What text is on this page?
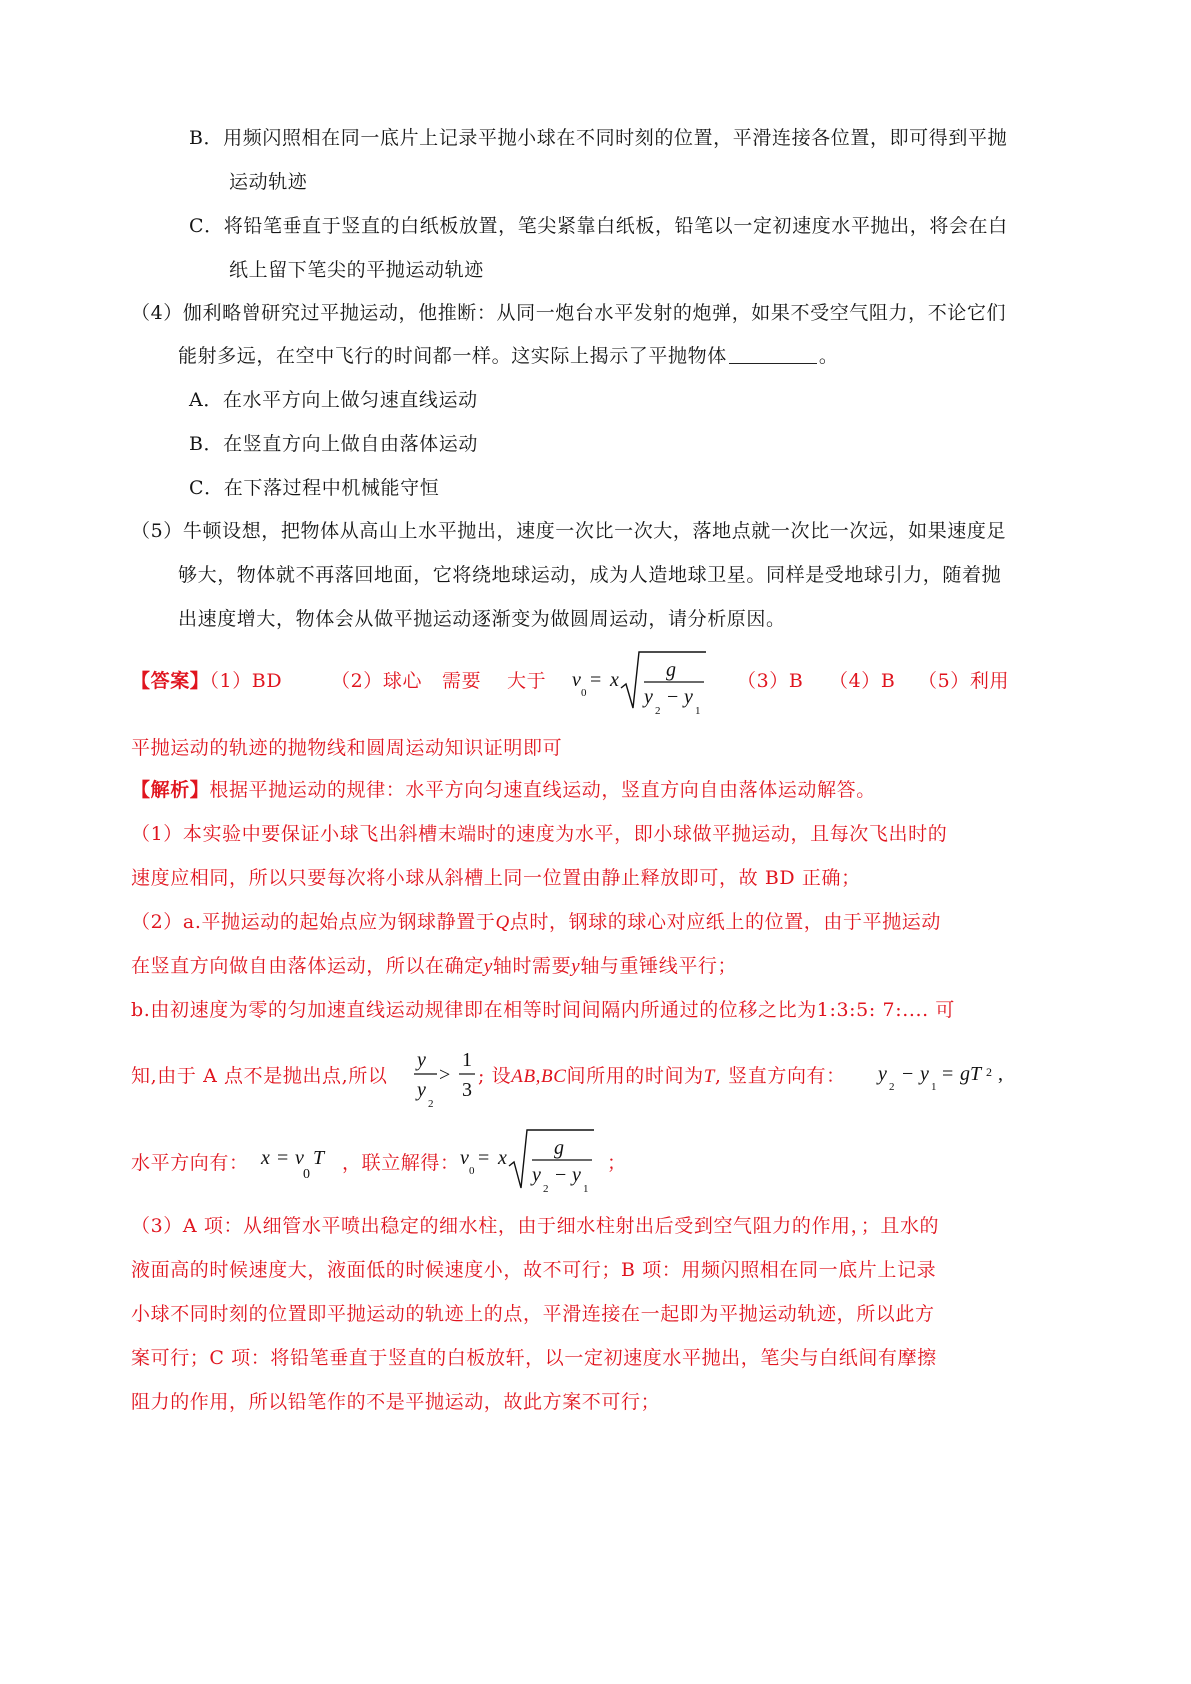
B．用频闪照相在同一底片上记录平抛小球在不同时刻的位置，平滑连接各位置，即可得到平抛
运动轨迹
C．将铅笔垂直于竖直的白纸板放置，笔尖紧靠白纸板，铅笔以一定初速度水平抛出，将会在白
纸上留下笔尖的平抛运动轨迹
（4）伽利略曾研究过平抛运动，他推断：从同一炮台水平发射的炮弹，如果不受空气阻力，不论它们
能射多远，在空中飞行的时间都一样。这实际上揭示了平抛物体	。
A．在水平方向上做匀速直线运动
B．在竖直方向上做自由落体运动
C．在下落过程中机械能守恒
（5）牛顿设想，把物体从高山上水平抛出，速度一次比一次大，落地点就一次比一次远，如果速度足
够大，物体就不再落回地面，它将绕地球运动，成为人造地球卫星。同样是受地球引力，随着抛
出速度增大，物体会从做平抛运动逐渐变为做圆周运动，请分析原因。
【答案】（1）BD	（2）球心 需要 大于 v
0
= x g
y
2
− y
1
（3）B （4）B （5）利用
平抛运动的轨迹的抛物线和圆周运动知识证明即可
【解析】根据平抛运动的规律：水平方向匀速直线运动，竖直方向自由落体运动解答。
（1）本实验中要保证小球飞出斜槽末端时的速度为水平，即小球做平抛运动，且每次飞出时的
速度应相同，所以只要每次将小球从斜槽上同一位置由静止释放即可，故 BD 正确；
（2）a.平抛运动的起始点应为钢球静置于Q点时，钢球的球心对应纸上的位置，由于平抛运动
在竖直方向做自由落体运动，所以在确定y轴时需要y轴与重锤线平行；
b.由初速度为零的匀加速直线运动规律即在相等时间间隔内所通过的位移之比为1:3:5: 7:.... 可
知,由于 A 点不是抛出点,所以
y
y
2
>
1
3
; 设AB,BC间所用的时间为T, 竖直方向有： y
2
− y
1
= gT 2 ,
水平方向有： x = v
0
T ，联立解得： v
0
= x g
y
2
− y
1
；
（3）A 项：从细管水平喷出稳定的细水柱，由于细水柱射出后受到空气阻力的作用，；且水的
液面高的时候速度大，液面低的时候速度小，故不可行；B 项：用频闪照相在同一底片上记录
小球不同时刻的位置即平抛运动的轨迹上的点，平滑连接在一起即为平抛运动轨迹，所以此方
案可行；C 项：将铅笔垂直于竖直的白板放轩，以一定初速度水平抛出，笔尖与白纸间有摩擦
阻力的作用，所以铅笔作的不是平抛运动，故此方案不可行；
